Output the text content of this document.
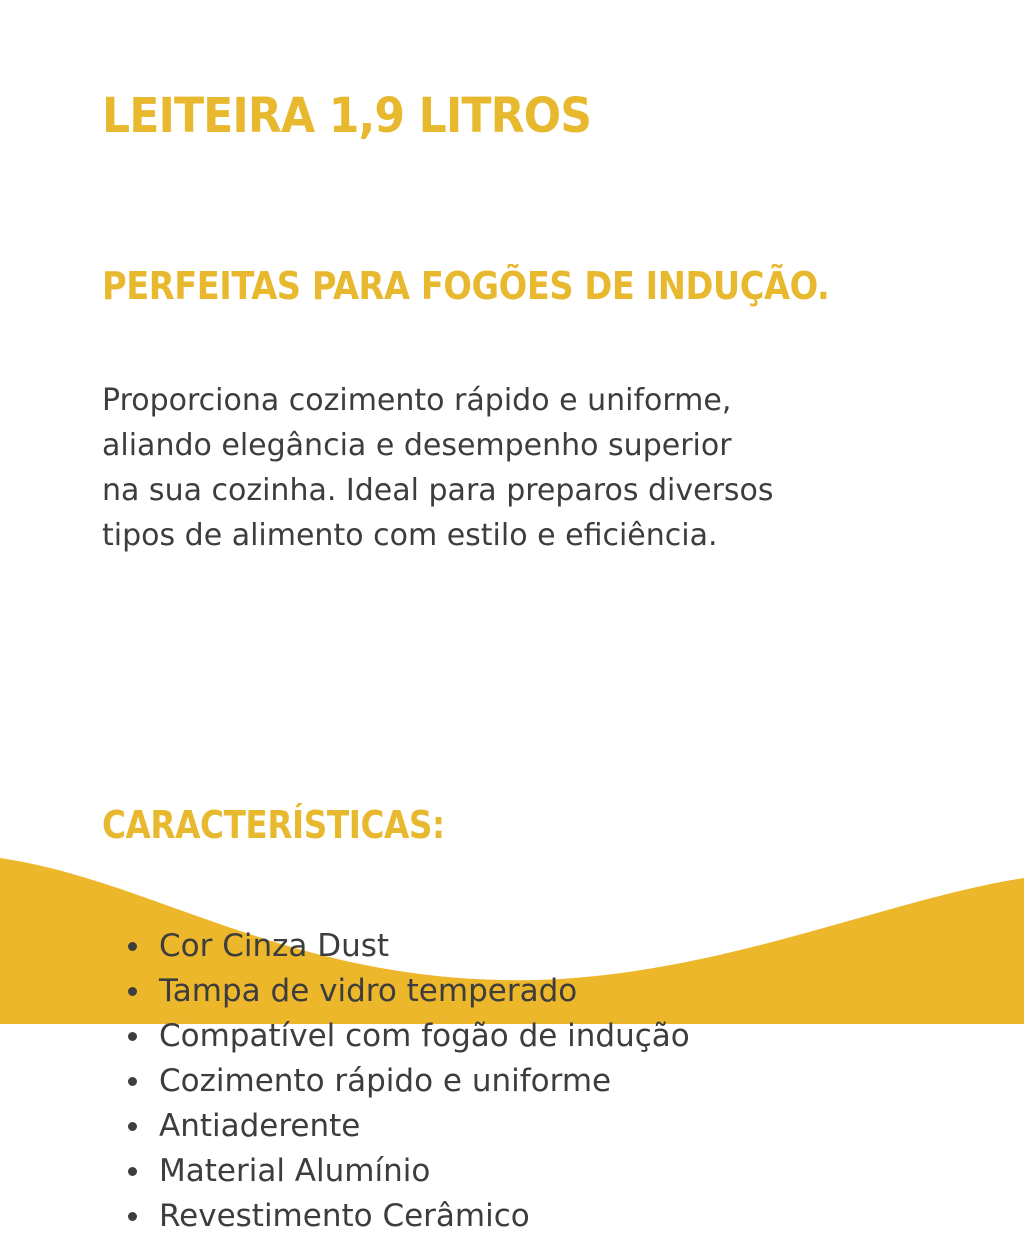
LEITEIRA 1,9 LITROS
PERFEITAS PARA FOGÕES DE INDUÇÃO.

Proporciona cozimento rápido e uniforme,
aliando elegância e desempenho superior
na sua cozinha. Ideal para preparos diversos
tipos de alimento com estilo e eficiência.

CARACTERÍSTICAS:
Cor Cinza Dust
Tampa de vidro temperado
Compatível com fogão de indução
Cozimento rápido e uniforme
Antiaderente
Material Alumínio
Revestimento Cerâmico
